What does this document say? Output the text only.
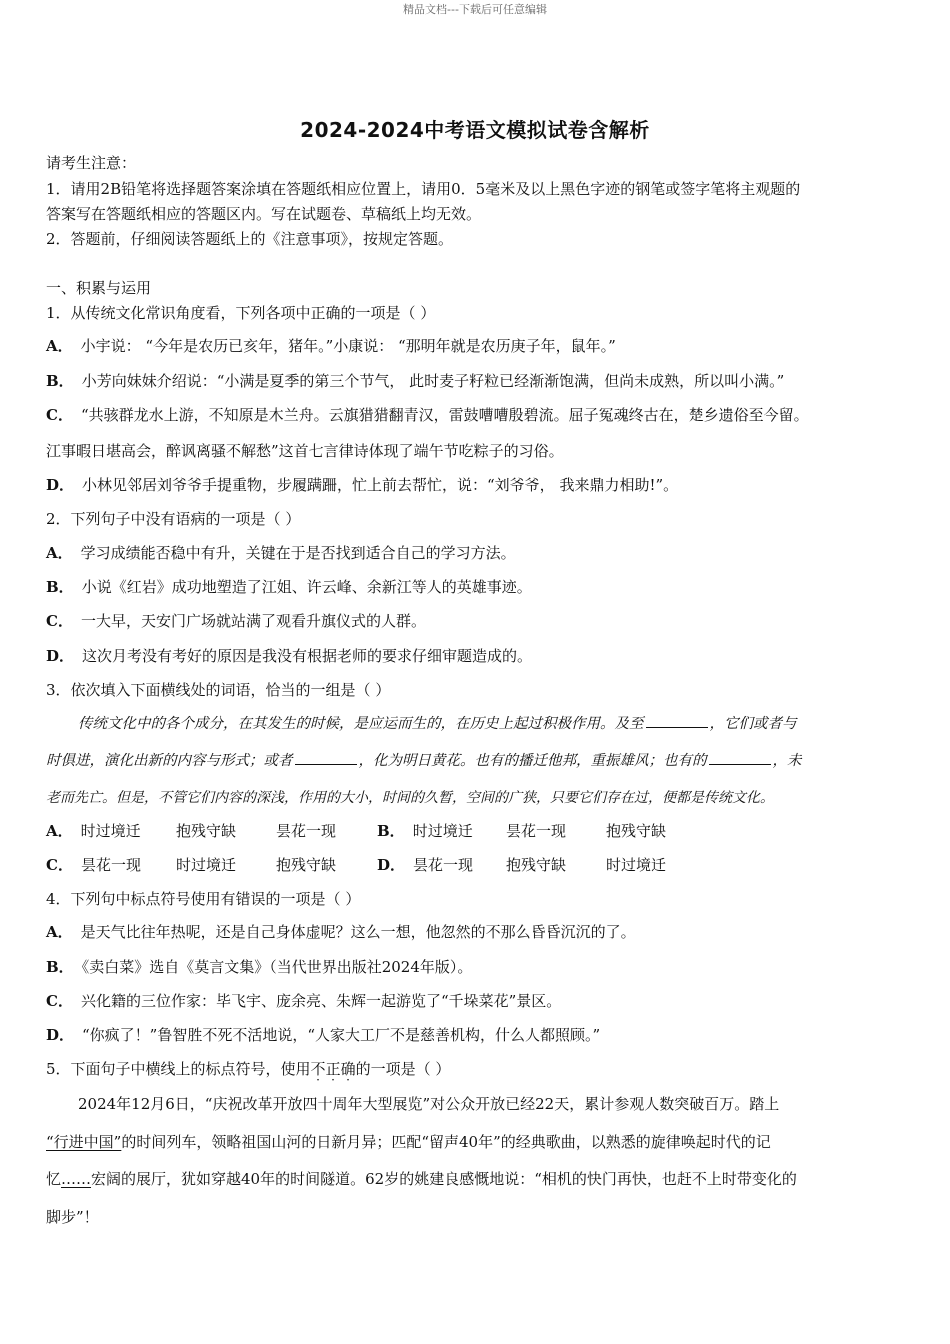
精品文档---下载后可任意编辑
2024-2024中考语文模拟试卷含解析
请考生注意：
1．请用2B铅笔将选择题答案涂填在答题纸相应位置上，请用0．5毫米及以上黑色字迹的钢笔或签字笔将主观题的
答案写在答题纸相应的答题区内。写在试题卷、草稿纸上均无效。
2．答题前，仔细阅读答题纸上的《注意事项》，按规定答题。
一、积累与运用
1．从传统文化常识角度看，下列各项中正确的一项是（ ）
A． 小宇说： “今年是农历已亥年，猪年。”小康说： “那明年就是农历庚子年，鼠年。”
B． 小芳向妹妹介绍说：“小满是夏季的第三个节气， 此时麦子籽粒已经渐渐饱满，但尚未成熟，所以叫小满。”
C． “共骇群龙水上游，不知原是木兰舟。云旗猎猎翻青汉，雷鼓嘈嘈殷碧流。屈子冤魂终古在，楚乡遗俗至今留。
江事暇日堪高会，醉讽离骚不解愁”这首七言律诗体现了端午节吃粽子的习俗。
D． 小林见邻居刘爷爷手提重物，步履蹒跚，忙上前去帮忙，说：“刘爷爷， 我来鼎力相助!”。
2．下列句子中没有语病的一项是（ ）
A． 学习成绩能否稳中有升，关键在于是否找到适合自己的学习方法。
B． 小说《红岩》成功地塑造了江姐、许云峰、余新江等人的英雄事迹。
C． 一大早，天安门广场就站满了观看升旗仪式的人群。
D． 这次月考没有考好的原因是我没有根据老师的要求仔细审题造成的。
3．依次填入下面横线处的词语，恰当的一组是（ ）
传统文化中的各个成分，在其发生的时候，是应运而生的，在历史上起过积极作用。及至	，它们或者与
时俱进，演化出新的内容与形式；或者	，化为明日黄花。也有的播迁他邦，重振雄风；也有的	，未
老而先亡。但是，不管它们内容的深浅，作用的大小，时间的久暂，空间的广狭，只要它们存在过，便都是传统文化。
A． 时过境迁 抱残守缺	昙花一现	B． 时过境迁 昙花一现	抱残守缺
C． 昙花一现 时过境迁	抱残守缺	D． 昙花一现 抱残守缺	时过境迁
4．下列句中标点符号使用有错误的一项是（ ）
A． 是天气比往年热呢，还是自己身体虚呢？这么一想，他忽然的不那么昏昏沉沉的了。
B． 《卖白菜》选自《莫言文集》（当代世界出版社2024年版）。
C． 兴化籍的三位作家：毕飞宇、庞余亮、朱辉一起游览了“千垛菜花”景区。
D． “你疯了！”鲁智胜不死不活地说，“人家大工厂不是慈善机构，什么人都照顾。”
5．下面句子中横线上的标点符号，使用不正确的一项是（ ）
2024年12月6日，“庆祝改革开放四十周年大型展览”对公众开放已经22天，累计参观人数突破百万。踏上
“行进中国”的时间列车，领略祖国山河的日新月异；匹配“留声40年”的经典歌曲，以熟悉的旋律唤起时代的记
忆……宏阔的展厅，犹如穿越40年的时间隧道。62岁的姚建良感慨地说：“相机的快门再快，也赶不上时带变化的
脚步”！
